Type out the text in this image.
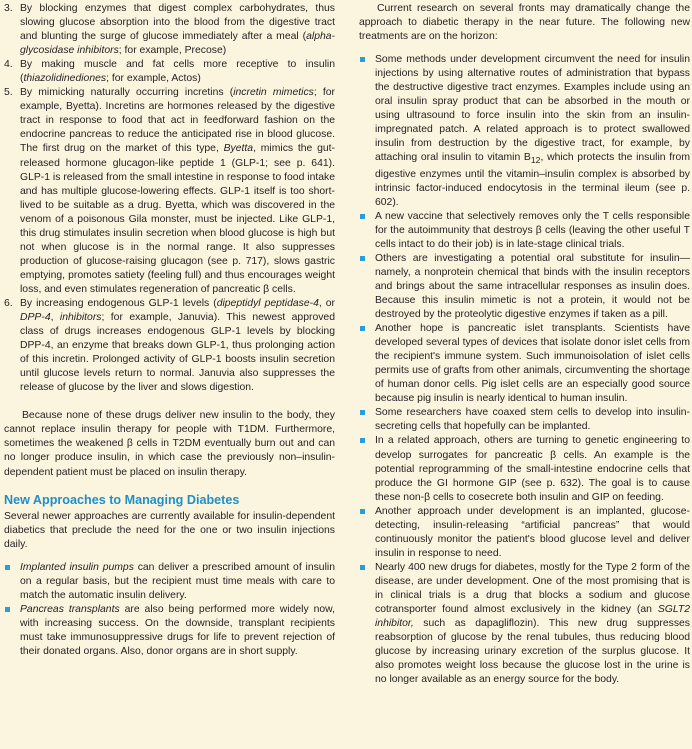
3. By blocking enzymes that digest complex carbohydrates, thus slowing glucose absorption into the blood from the digestive tract and blunting the surge of glucose immediately after a meal (alpha-glycosidase inhibitors; for example, Precose)
4. By making muscle and fat cells more receptive to insulin (thiazolidinediones; for example, Actos)
5. By mimicking naturally occurring incretins (incretin mimetics; for example, Byetta). Incretins are hormones released by the digestive tract in response to food that act in feedforward fashion on the endocrine pancreas to reduce the anticipated rise in blood glucose. The first drug on the market of this type, Byetta, mimics the gut-released hormone glucagon-like peptide 1 (GLP-1; see p. 641). GLP-1 is released from the small intestine in response to food intake and has multiple glucose-lowering effects. GLP-1 itself is too short-lived to be suitable as a drug. Byetta, which was discovered in the venom of a poisonous Gila monster, must be injected. Like GLP-1, this drug stimulates insulin secretion when blood glucose is high but not when glucose is in the normal range. It also suppresses production of glucose-raising glucagon (see p. 717), slows gastric emptying, promotes satiety (feeling full) and thus encourages weight loss, and even stimulates regeneration of pancreatic β cells.
6. By increasing endogenous GLP-1 levels (dipeptidyl peptidase-4, or DPP-4, inhibitors; for example, Januvia). This newest approved class of drugs increases endogenous GLP-1 levels by blocking DPP-4, an enzyme that breaks down GLP-1, thus prolonging action of this incretin. Prolonged activity of GLP-1 boosts insulin secretion until glucose levels return to normal. Januvia also suppresses the release of glucose by the liver and slows digestion.

Because none of these drugs deliver new insulin to the body, they cannot replace insulin therapy for people with T1DM. Furthermore, sometimes the weakened β cells in T2DM eventually burn out and can no longer produce insulin, in which case the previously non–insulin-dependent patient must be placed on insulin therapy.

New Approaches to Managing Diabetes

Several newer approaches are currently available for insulin-dependent diabetics that preclude the need for the one or two insulin injections daily.

Implanted insulin pumps can deliver a prescribed amount of insulin on a regular basis, but the recipient must time meals with care to match the automatic insulin delivery.
Pancreas transplants are also being performed more widely now, with increasing success. On the downside, transplant recipients must take immunosuppressive drugs for life to prevent rejection of their donated organs. Also, donor organs are in short supply.

Current research on several fronts may dramatically change the approach to diabetic therapy in the near future. The following new treatments are on the horizon:

Some methods under development circumvent the need for insulin injections by using alternative routes of administration that bypass the destructive digestive tract enzymes. Examples include using an oral insulin spray product that can be absorbed in the mouth or using ultrasound to force insulin into the skin from an insulin-impregnated patch. A related approach is to protect swallowed insulin from destruction by the digestive tract, for example, by attaching oral insulin to vitamin $B_{12}$, which protects the insulin from digestive enzymes until the vitamin–insulin complex is absorbed by intrinsic factor-induced endocytosis in the terminal ileum (see p. 602).
A new vaccine that selectively removes only the T cells responsible for the autoimmunity that destroys β cells (leaving the other useful T cells intact to do their job) is in late-stage clinical trials.
Others are investigating a potential oral substitute for insulin—namely, a nonprotein chemical that binds with the insulin receptors and brings about the same intracellular responses as insulin does. Because this insulin mimetic is not a protein, it would not be destroyed by the proteolytic digestive enzymes if taken as a pill.
Another hope is pancreatic islet transplants. Scientists have developed several types of devices that isolate donor islet cells from the recipient's immune system. Such immunoisolation of islet cells permits use of grafts from other animals, circumventing the shortage of human donor cells. Pig islet cells are an especially good source because pig insulin is nearly identical to human insulin.
Some researchers have coaxed stem cells to develop into insulin-secreting cells that hopefully can be implanted.
In a related approach, others are turning to genetic engineering to develop surrogates for pancreatic β cells. An example is the potential reprogramming of the small-intestine endocrine cells that produce the GI hormone GIP (see p. 632). The goal is to cause these non-β cells to cosecrete both insulin and GIP on feeding.
Another approach under development is an implanted, glucose-detecting, insulin-releasing “artificial pancreas” that would continuously monitor the patient's blood glucose level and deliver insulin in response to need.
Nearly 400 new drugs for diabetes, mostly for the Type 2 form of the disease, are under development. One of the most promising that is in clinical trials is a drug that blocks a sodium and glucose cotransporter found almost exclusively in the kidney (an SGLT2 inhibitor, such as dapagliflozin). This new drug suppresses reabsorption of glucose by the renal tubules, thus reducing blood glucose by increasing urinary excretion of the surplus glucose. It also promotes weight loss because the glucose lost in the urine is no longer available as an energy source for the body.
